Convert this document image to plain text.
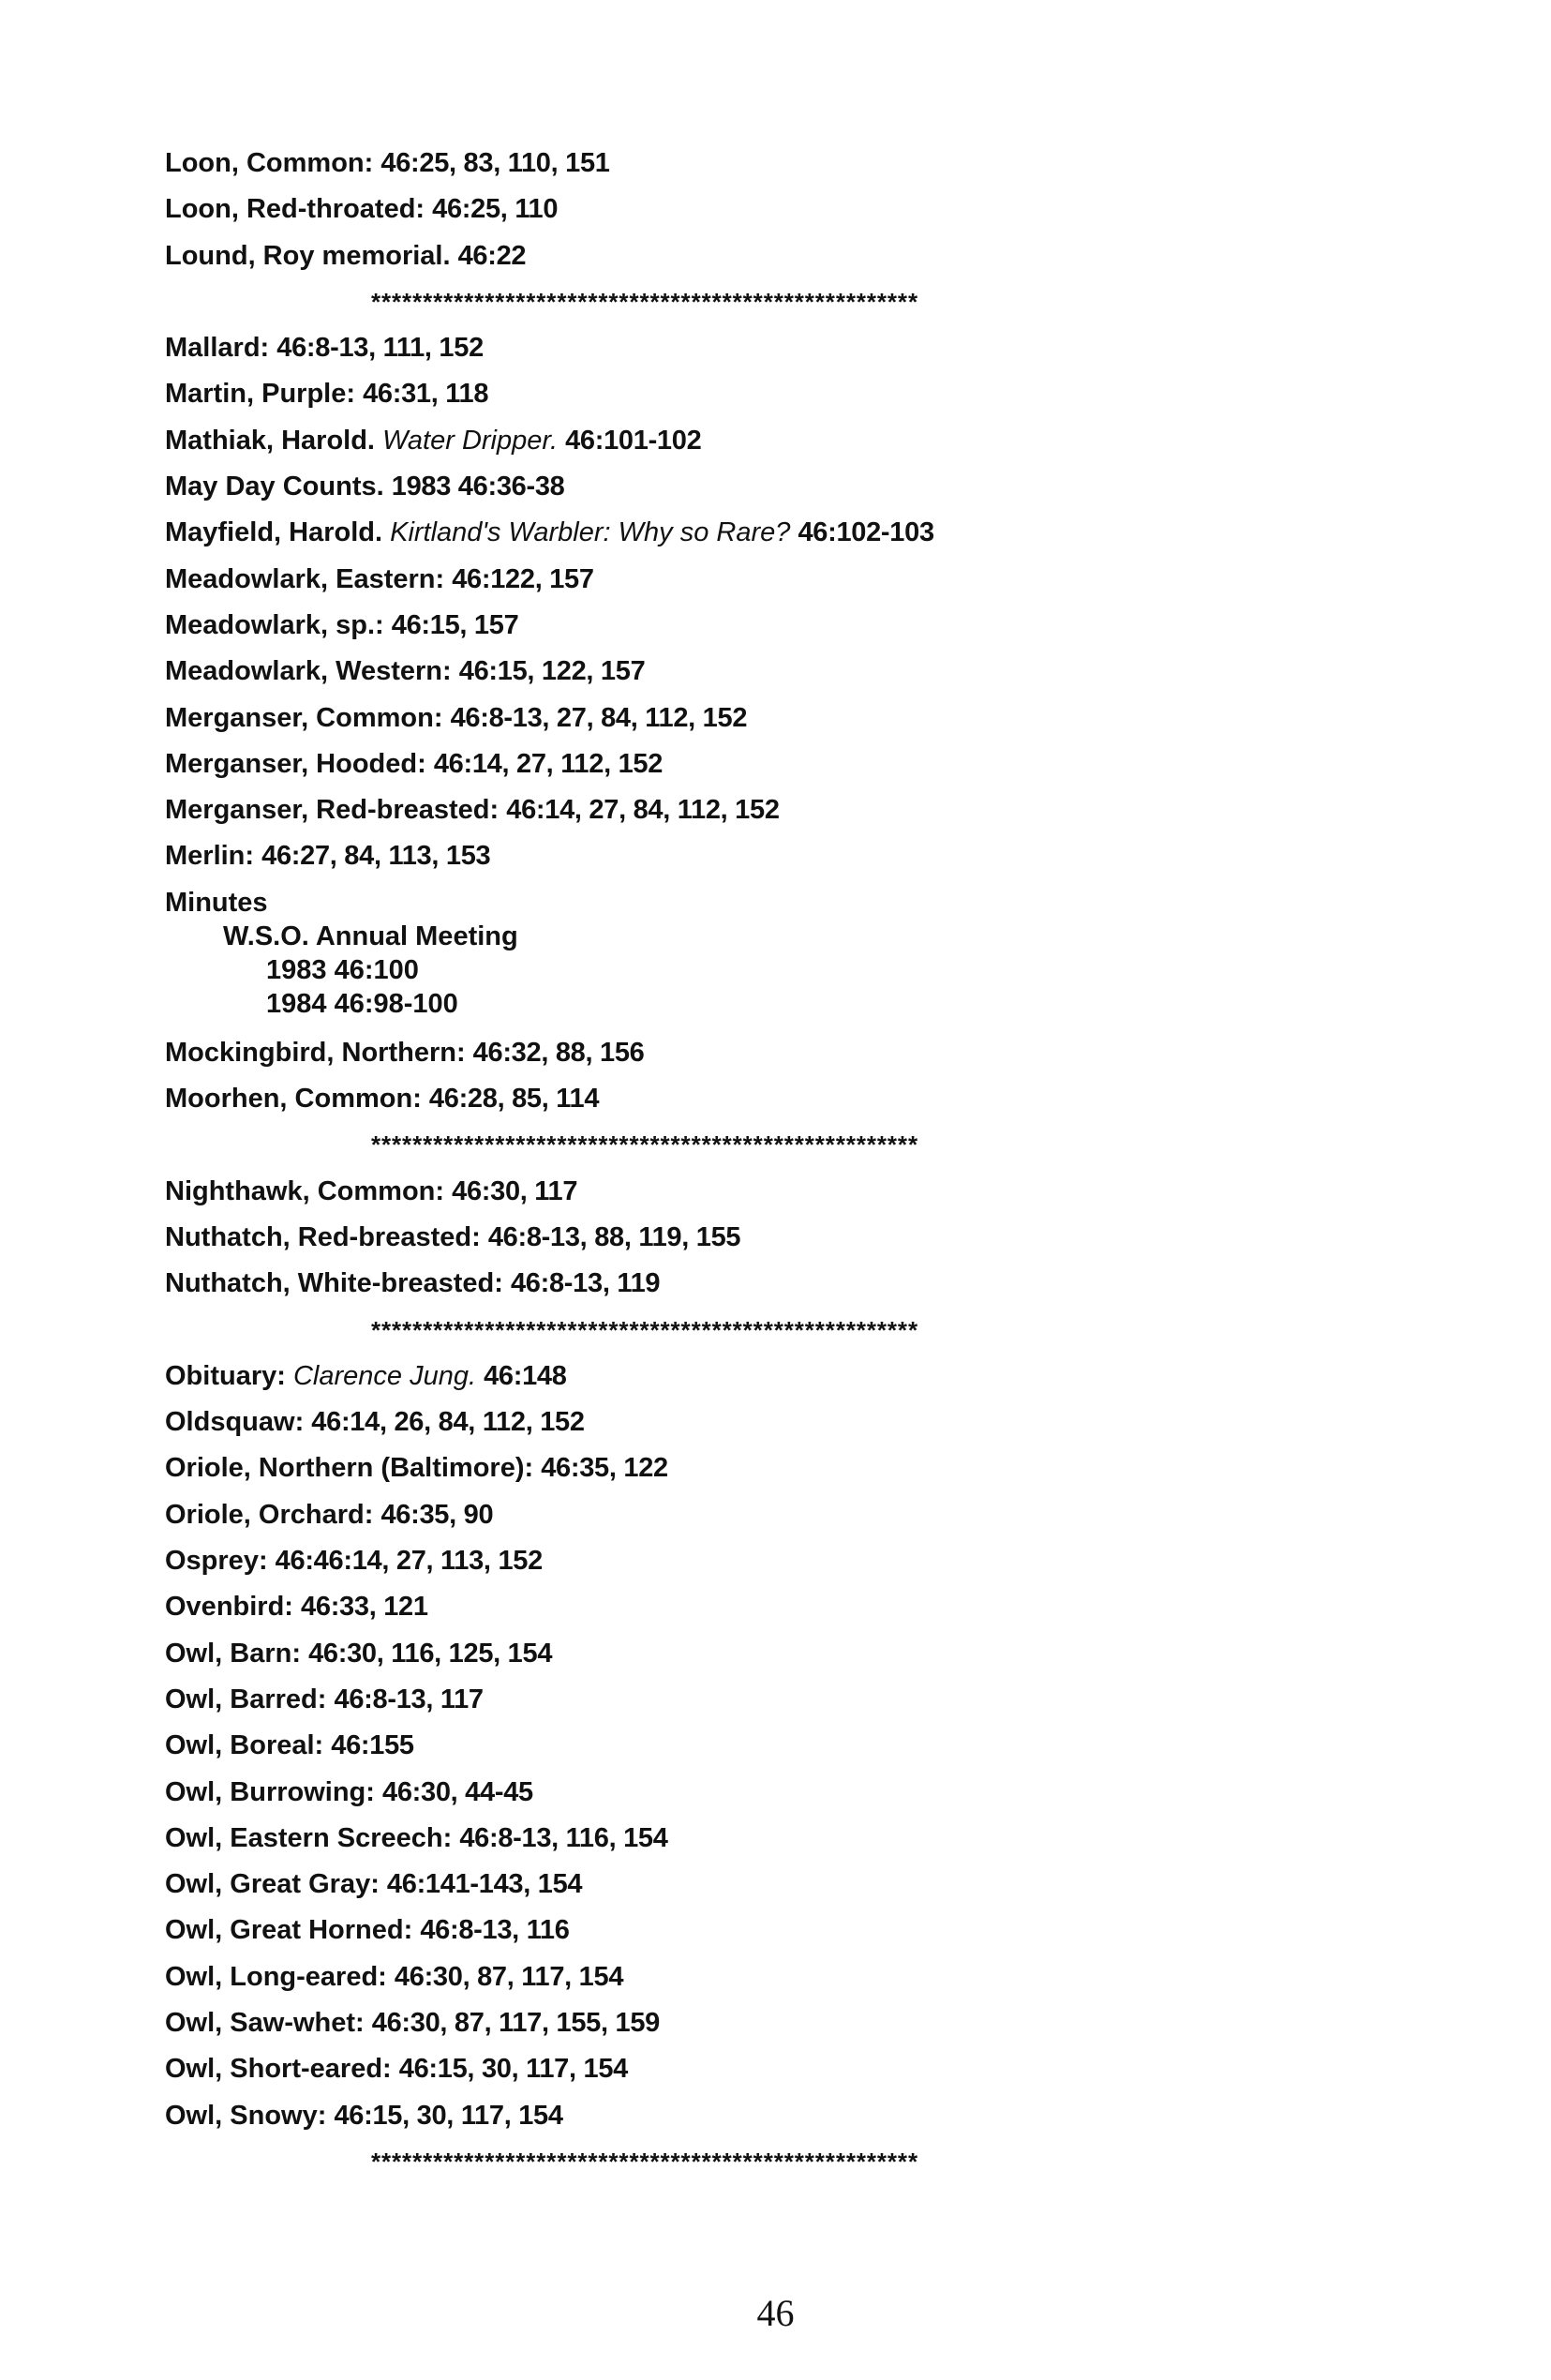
Loon, Common: 46:25, 83, 110, 151
Loon, Red-throated: 46:25, 110
Lound, Roy memorial. 46:22
*****************************************************
Mallard: 46:8-13, 111, 152
Martin, Purple: 46:31, 118
Mathiak, Harold. Water Dripper. 46:101-102
May Day Counts. 1983 46:36-38
Mayfield, Harold. Kirtland's Warbler: Why so Rare? 46:102-103
Meadowlark, Eastern: 46:122, 157
Meadowlark, sp.: 46:15, 157
Meadowlark, Western: 46:15, 122, 157
Merganser, Common: 46:8-13, 27, 84, 112, 152
Merganser, Hooded: 46:14, 27, 112, 152
Merganser, Red-breasted: 46:14, 27, 84, 112, 152
Merlin: 46:27, 84, 113, 153
Minutes
W.S.O. Annual Meeting
1983 46:100
1984 46:98-100
Mockingbird, Northern: 46:32, 88, 156
Moorhen, Common: 46:28, 85, 114
*****************************************************
Nighthawk, Common: 46:30, 117
Nuthatch, Red-breasted: 46:8-13, 88, 119, 155
Nuthatch, White-breasted: 46:8-13, 119
*****************************************************
Obituary: Clarence Jung. 46:148
Oldsquaw: 46:14, 26, 84, 112, 152
Oriole, Northern (Baltimore): 46:35, 122
Oriole, Orchard: 46:35, 90
Osprey: 46:46:14, 27, 113, 152
Ovenbird: 46:33, 121
Owl, Barn: 46:30, 116, 125, 154
Owl, Barred: 46:8-13, 117
Owl, Boreal: 46:155
Owl, Burrowing: 46:30, 44-45
Owl, Eastern Screech: 46:8-13, 116, 154
Owl, Great Gray: 46:141-143, 154
Owl, Great Horned: 46:8-13, 116
Owl, Long-eared: 46:30, 87, 117, 154
Owl, Saw-whet: 46:30, 87, 117, 155, 159
Owl, Short-eared: 46:15, 30, 117, 154
Owl, Snowy: 46:15, 30, 117, 154
*****************************************************
46
